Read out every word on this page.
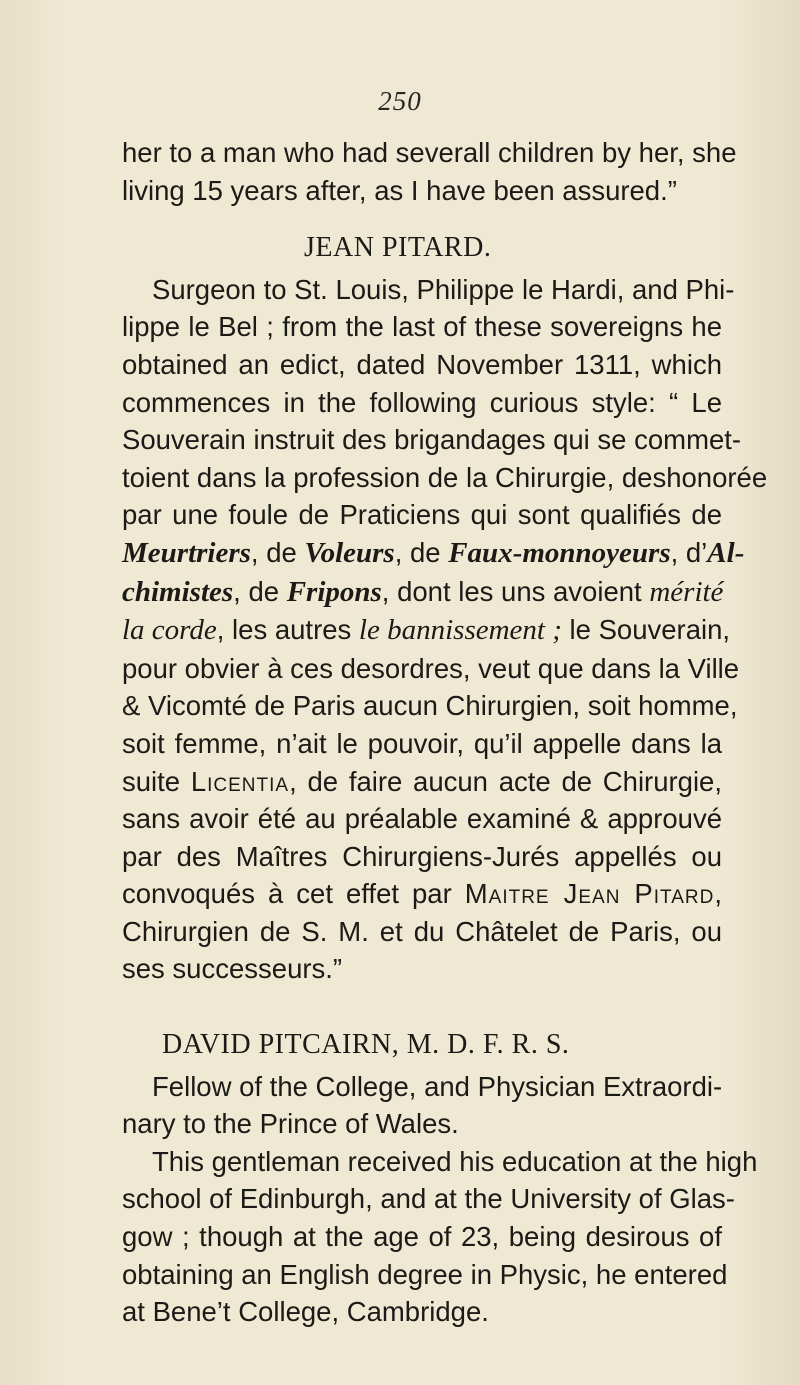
250
her to a man who had severall children by her, she
living 15 years after, as I have been assured.”
JEAN PITARD.
Surgeon to St. Louis, Philippe le Hardi, and Phi-
lippe le Bel ; from the last of these sovereigns he
obtained an edict, dated November 1311, which
commences in the following curious style: “ Le
Souverain instruit des brigandages qui se commet-
toient dans la profession de la Chirurgie, deshonorée
par une foule de Praticiens qui sont qualifiés de
Meurtriers, de Voleurs, de Faux-monnoyeurs, d’Al-
chimistes, de Fripons, dont les uns avoient mérité
la corde, les autres le bannissement ; le Souverain,
pour obvier à ces desordres, veut que dans la Ville
& Vicomté de Paris aucun Chirurgien, soit homme,
soit femme, n’ait le pouvoir, qu’il appelle dans la
suite Licentia, de faire aucun acte de Chirurgie,
sans avoir été au préalable examiné & approuvé
par des Maîtres Chirurgiens-Jurés appellés ou
convoqués à cet effet par Maitre Jean Pitard,
Chirurgien de S. M. et du Châtelet de Paris, ou
ses successeurs.”
DAVID PITCAIRN, M. D. F. R. S.
Fellow of the College, and Physician Extraordi-
nary to the Prince of Wales.
This gentleman received his education at the high
school of Edinburgh, and at the University of Glas-
gow ; though at the age of 23, being desirous of
obtaining an English degree in Physic, he entered
at Bene’t College, Cambridge.
